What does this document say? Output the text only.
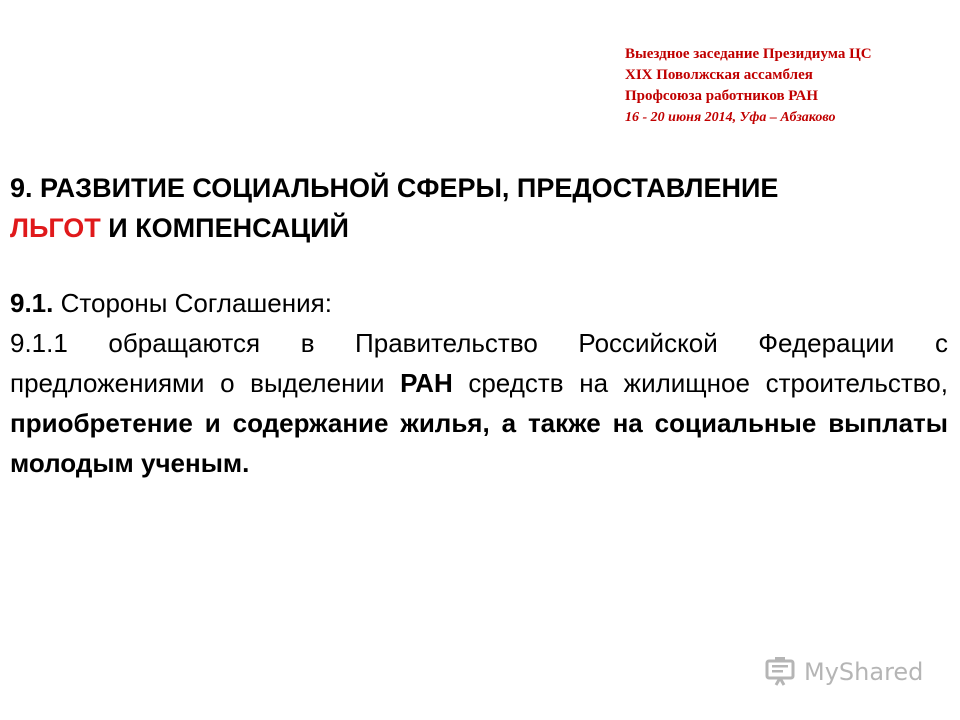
Выездное заседание Президиума ЦС
XIX Поволжская ассамблея
Профсоюза работников РАН
16 - 20 июня 2014, Уфа – Абзаково
9. РАЗВИТИЕ СОЦИАЛЬНОЙ СФЕРЫ, ПРЕДОСТАВЛЕНИЕ
ЛЬГОТ И КОМПЕНСАЦИЙ

9.1. Стороны Соглашения:

9.1.1 обращаются в Правительство Российской Федерации с предложениями о выделении РАН средств на жилищное строительство, приобретение и содержание жилья, а также на социальные выплаты молодым ученым.

MyShared
